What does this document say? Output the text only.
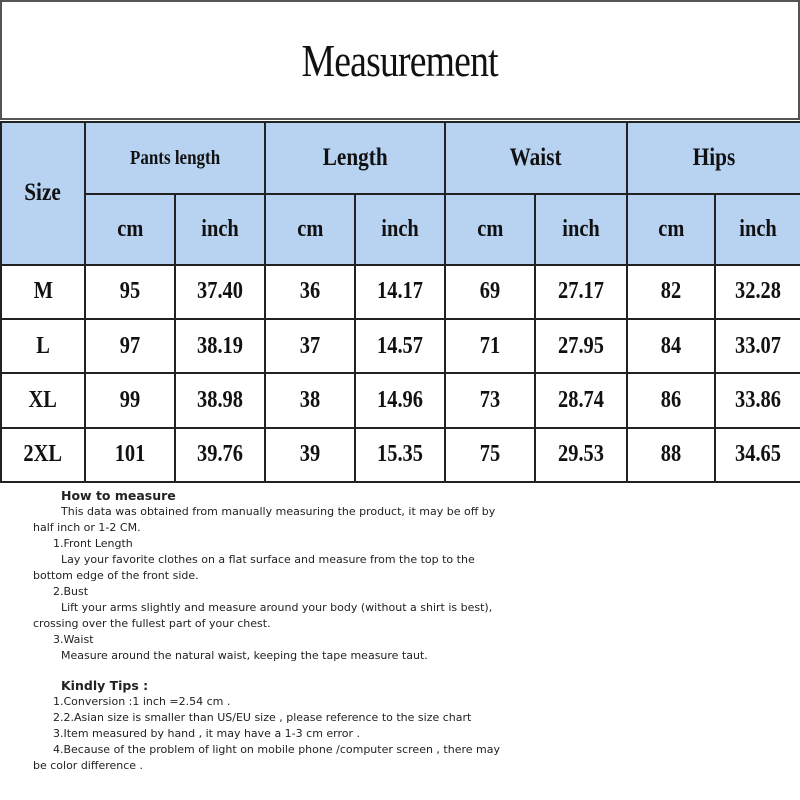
Measurement
Size	Pants length		Length		Waist		Hips	
	cm	inch	cm	inch	cm	inch	cm	inch
M	95	37.40	36	14.17	69	27.17	82	32.28
L	97	38.19	37	14.57	71	27.95	84	33.07
XL	99	38.98	38	14.96	73	28.74	86	33.86
2XL	101	39.76	39	15.35	75	29.53	88	34.65
How to measure
This data was obtained from manually measuring the product, it may be off by
half inch or 1-2 CM.
1.Front Length
Lay your favorite clothes on a flat surface and measure from the top to the
bottom edge of the front side.
2.Bust
Lift your arms slightly and measure around your body (without a shirt is best),
crossing over the fullest part of your chest.
3.Waist
Measure around the natural waist, keeping the tape measure taut.
Kindly Tips :
1.Conversion :1 inch =2.54 cm .
2.2.Asian size is smaller than US/EU size , please reference to the size chart
3.Item measured by hand , it may have a 1-3 cm error .
4.Because of the problem of light on mobile phone /computer screen , there may
be color difference .
